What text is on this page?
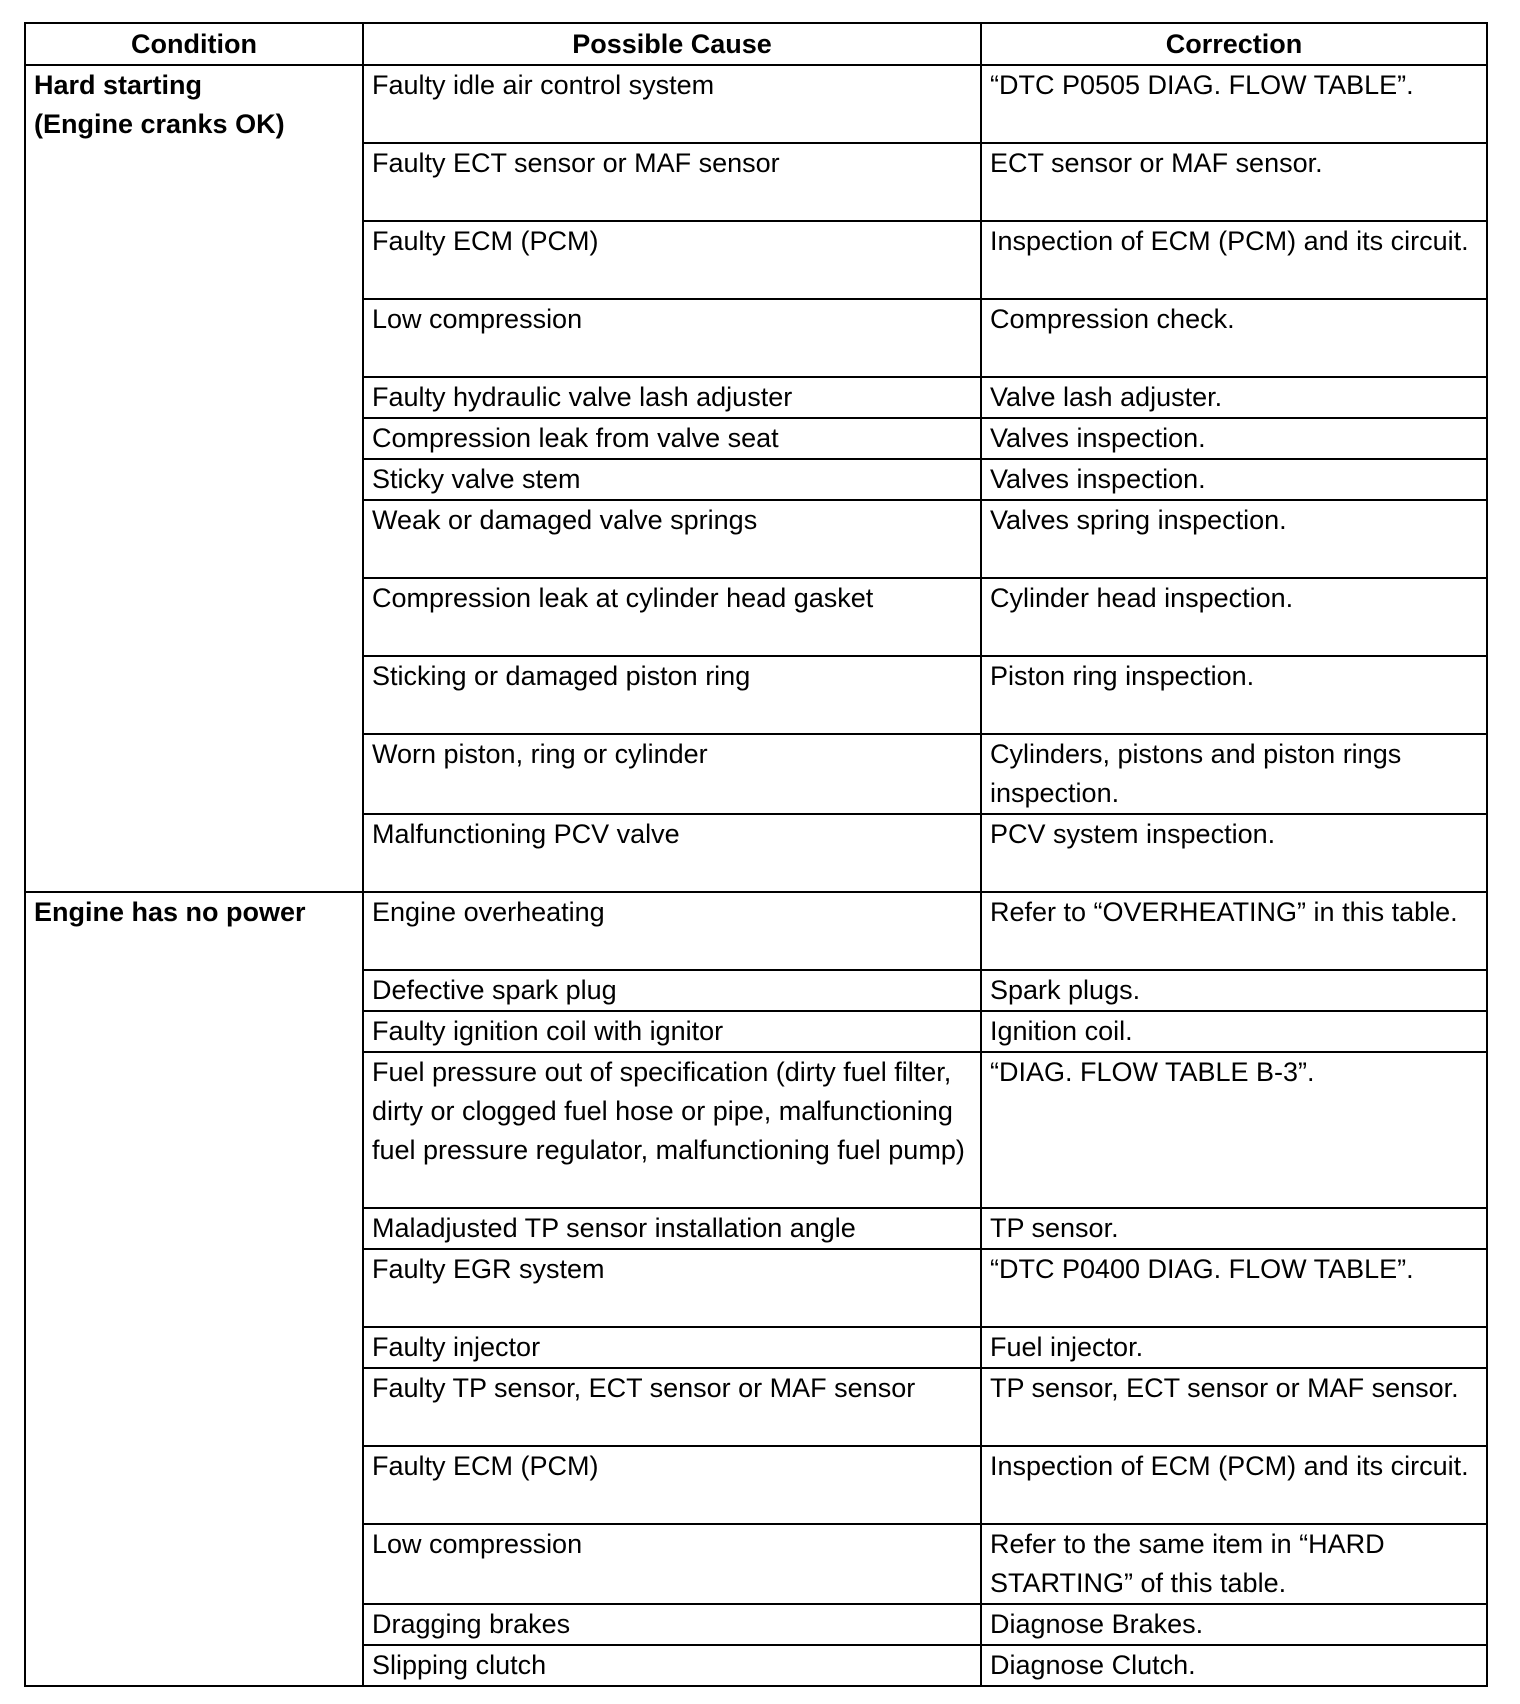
Condition	Possible Cause	Correction

Hard starting
(Engine cranks OK)	Faulty idle air control system	“DTC P0505 DIAG. FLOW TABLE”.
	Faulty ECT sensor or MAF sensor	ECT sensor or MAF sensor.
	Faulty ECM (PCM)	Inspection of ECM (PCM) and its circuit.
	Low compression	Compression check.
	Faulty hydraulic valve lash adjuster	Valve lash adjuster.
	Compression leak from valve seat	Valves inspection.
	Sticky valve stem	Valves inspection.
	Weak or damaged valve springs	Valves spring inspection.
	Compression leak at cylinder head gasket	Cylinder head inspection.
	Sticking or damaged piston ring	Piston ring inspection.
	Worn piston, ring or cylinder	Cylinders, pistons and piston rings inspection.
	Malfunctioning PCV valve	PCV system inspection.

Engine has no power	Engine overheating	Refer to “OVERHEATING” in this table.
	Defective spark plug	Spark plugs.
	Faulty ignition coil with ignitor	Ignition coil.
	Fuel pressure out of specification (dirty fuel filter, dirty or clogged fuel hose or pipe, malfunctioning fuel pressure regulator, malfunctioning fuel pump)	“DIAG. FLOW TABLE B-3”.
	Maladjusted TP sensor installation angle	TP sensor.
	Faulty EGR system	“DTC P0400 DIAG. FLOW TABLE”.
	Faulty injector	Fuel injector.
	Faulty TP sensor, ECT sensor or MAF sensor	TP sensor, ECT sensor or MAF sensor.
	Faulty ECM (PCM)	Inspection of ECM (PCM) and its circuit.
	Low compression	Refer to the same item in “HARD STARTING” of this table.
	Dragging brakes	Diagnose Brakes.
	Slipping clutch	Diagnose Clutch.
